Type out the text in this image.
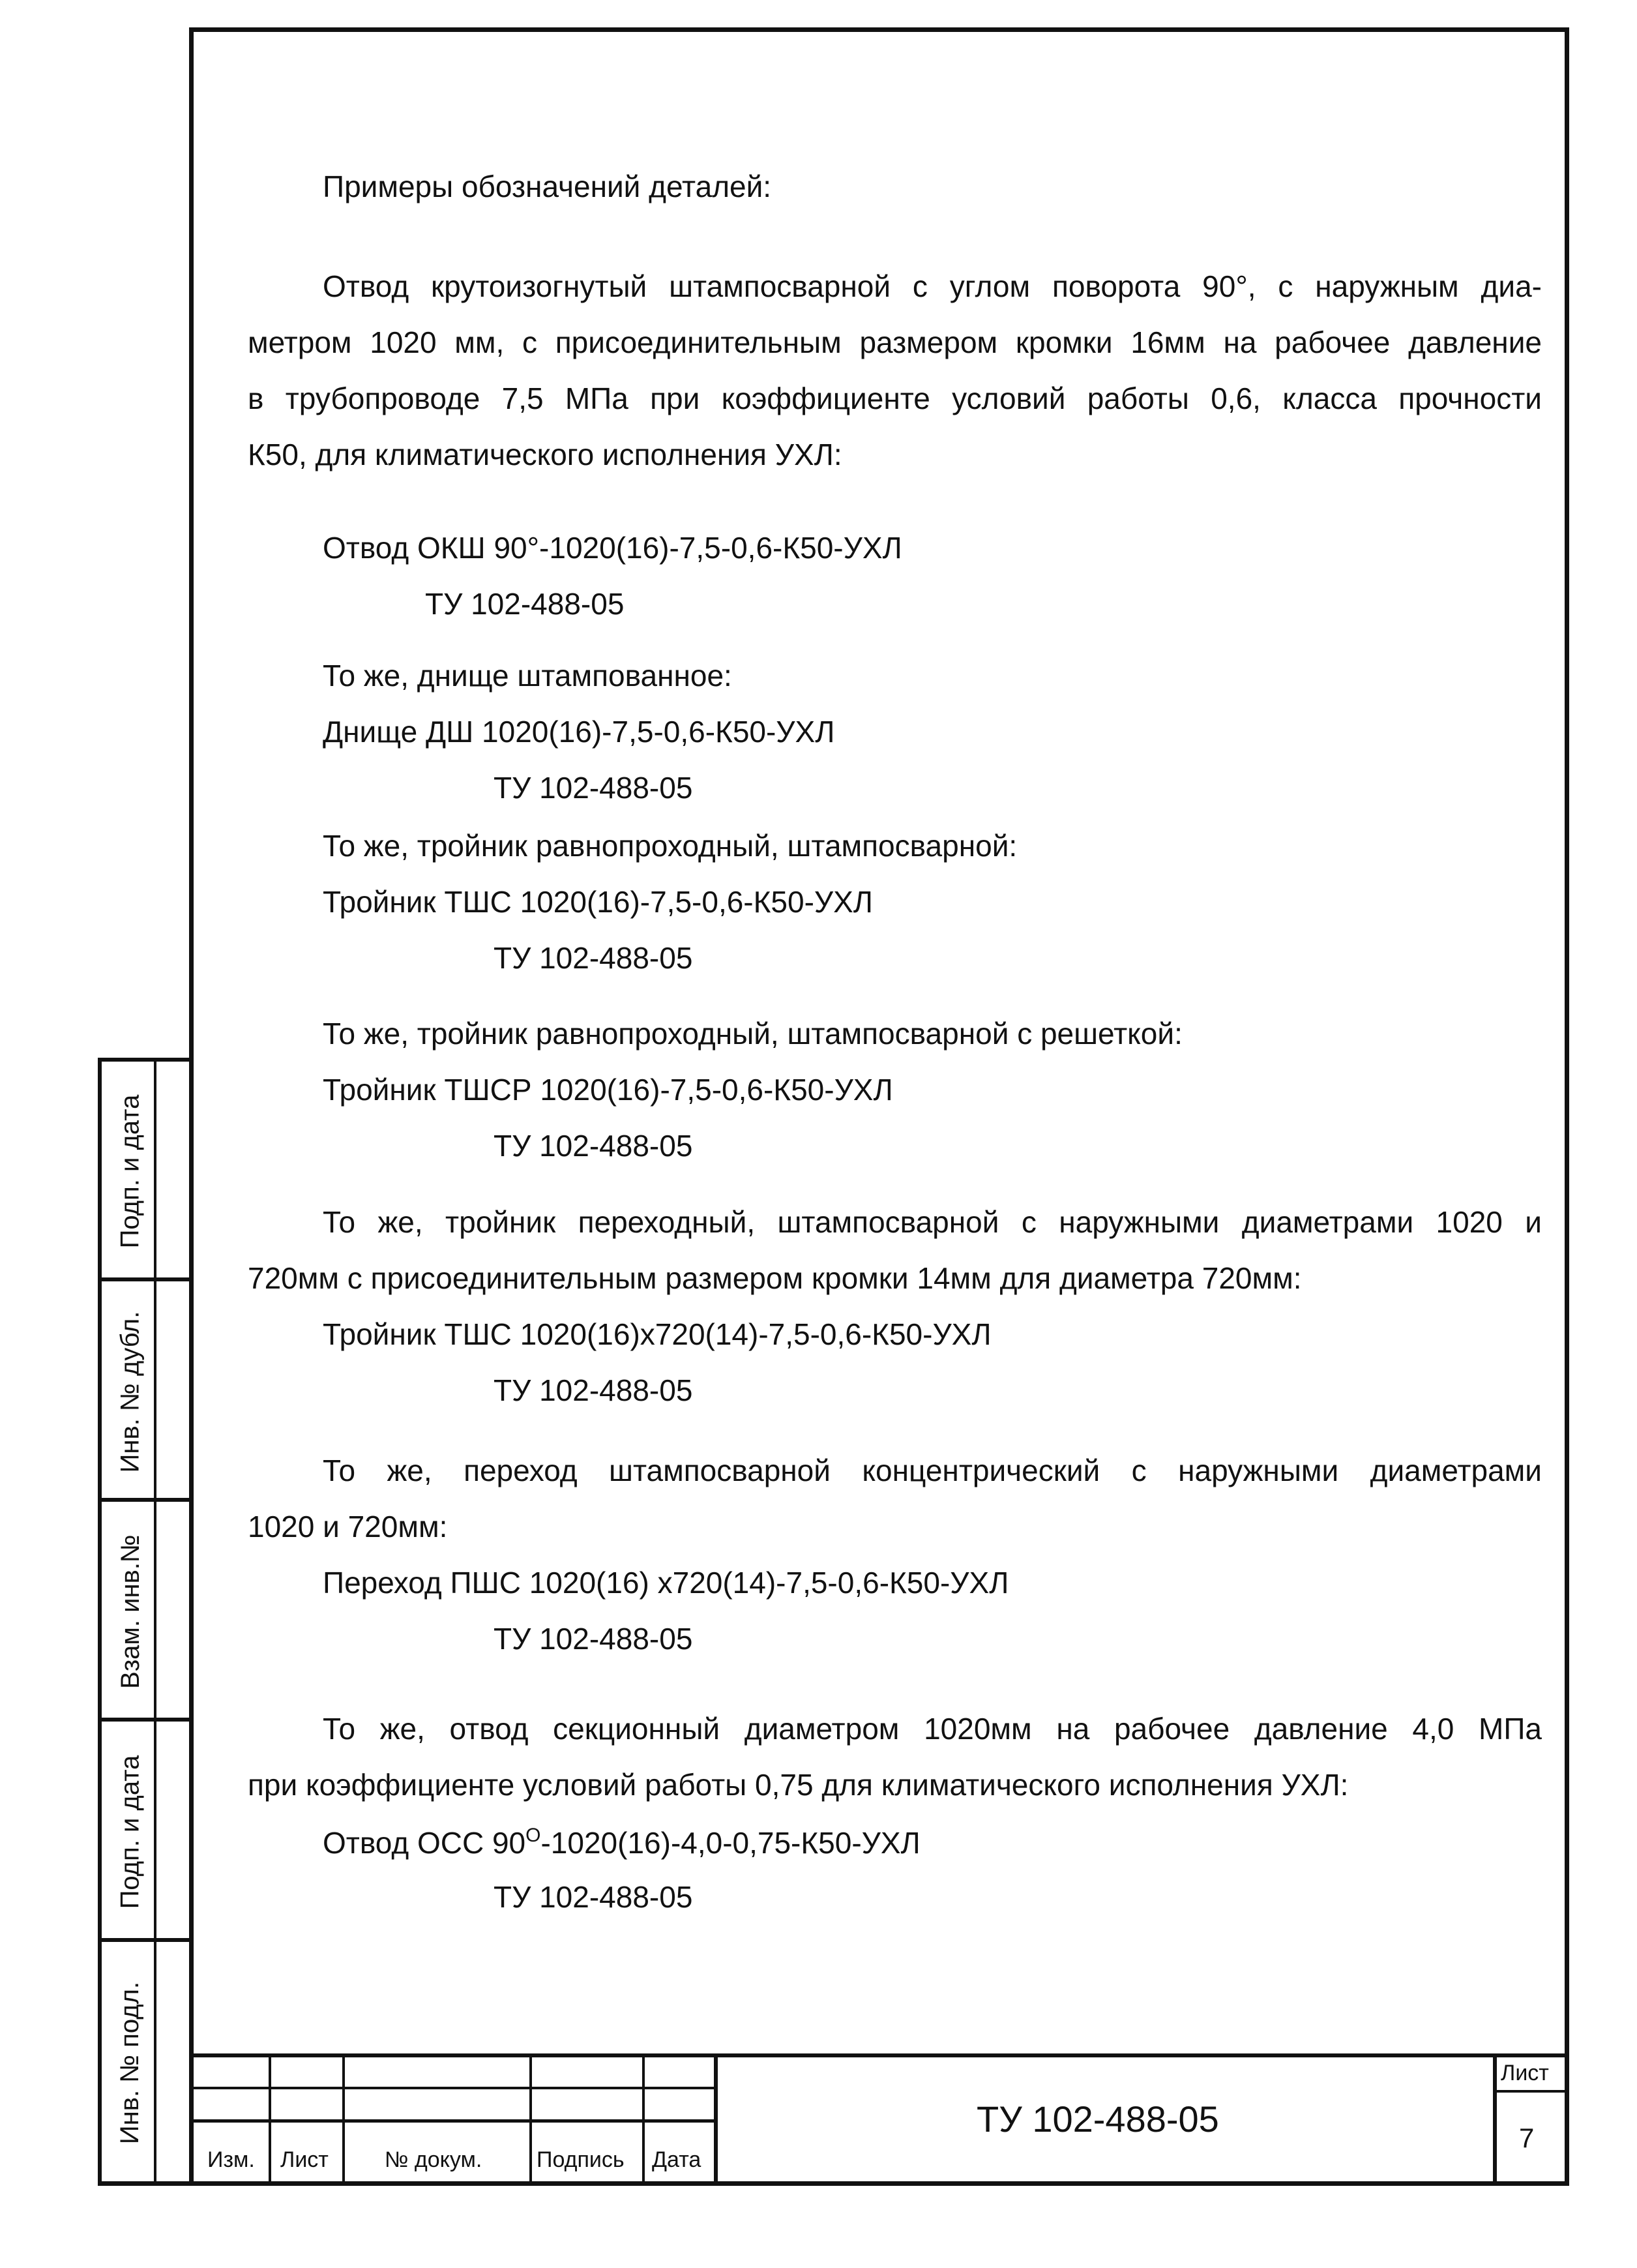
Подп. и дата
Инв. № дубл.
Взам. инв.№
Подп. и дата
Инв. № подл.
Примеры обозначений деталей:
Отвод крутоизогнутый штампосварной с углом поворота 90°, с наружным диа-
метром 1020 мм, с присоединительным размером кромки 16мм на рабочее давление
в трубопроводе 7,5 МПа при коэффициенте условий работы 0,6, класса прочности
К50, для климатического исполнения УХЛ:
Отвод ОКШ 90°-1020(16)-7,5-0,6-К50-УХЛ
ТУ 102-488-05
То же, днище штампованное:
Днище ДШ 1020(16)-7,5-0,6-К50-УХЛ
ТУ 102-488-05
То же, тройник равнопроходный, штампосварной:
Тройник ТШС 1020(16)-7,5-0,6-К50-УХЛ
ТУ 102-488-05
То же, тройник равнопроходный, штампосварной с решеткой:
Тройник ТШСР 1020(16)-7,5-0,6-К50-УХЛ
ТУ 102-488-05
То же, тройник переходный, штампосварной с наружными диаметрами 1020 и
720мм с присоединительным размером кромки 14мм для диаметра 720мм:
Тройник ТШС 1020(16)х720(14)-7,5-0,6-К50-УХЛ
ТУ 102-488-05
То же, переход штампосварной концентрический с наружными диаметрами
1020 и 720мм:
Переход ПШС 1020(16) х720(14)-7,5-0,6-К50-УХЛ
ТУ 102-488-05
То же, отвод секционный диаметром 1020мм на рабочее давление 4,0 МПа
при коэффициенте условий работы 0,75 для климатического исполнения УХЛ:
Отвод ОСС $90^О-1020(16)-4,0-0,75-К50$-УХЛ
ТУ 102-488-05
Изм. Лист	№ докум. Подпись Дата
ТУ 102-488-05
Лист
7
